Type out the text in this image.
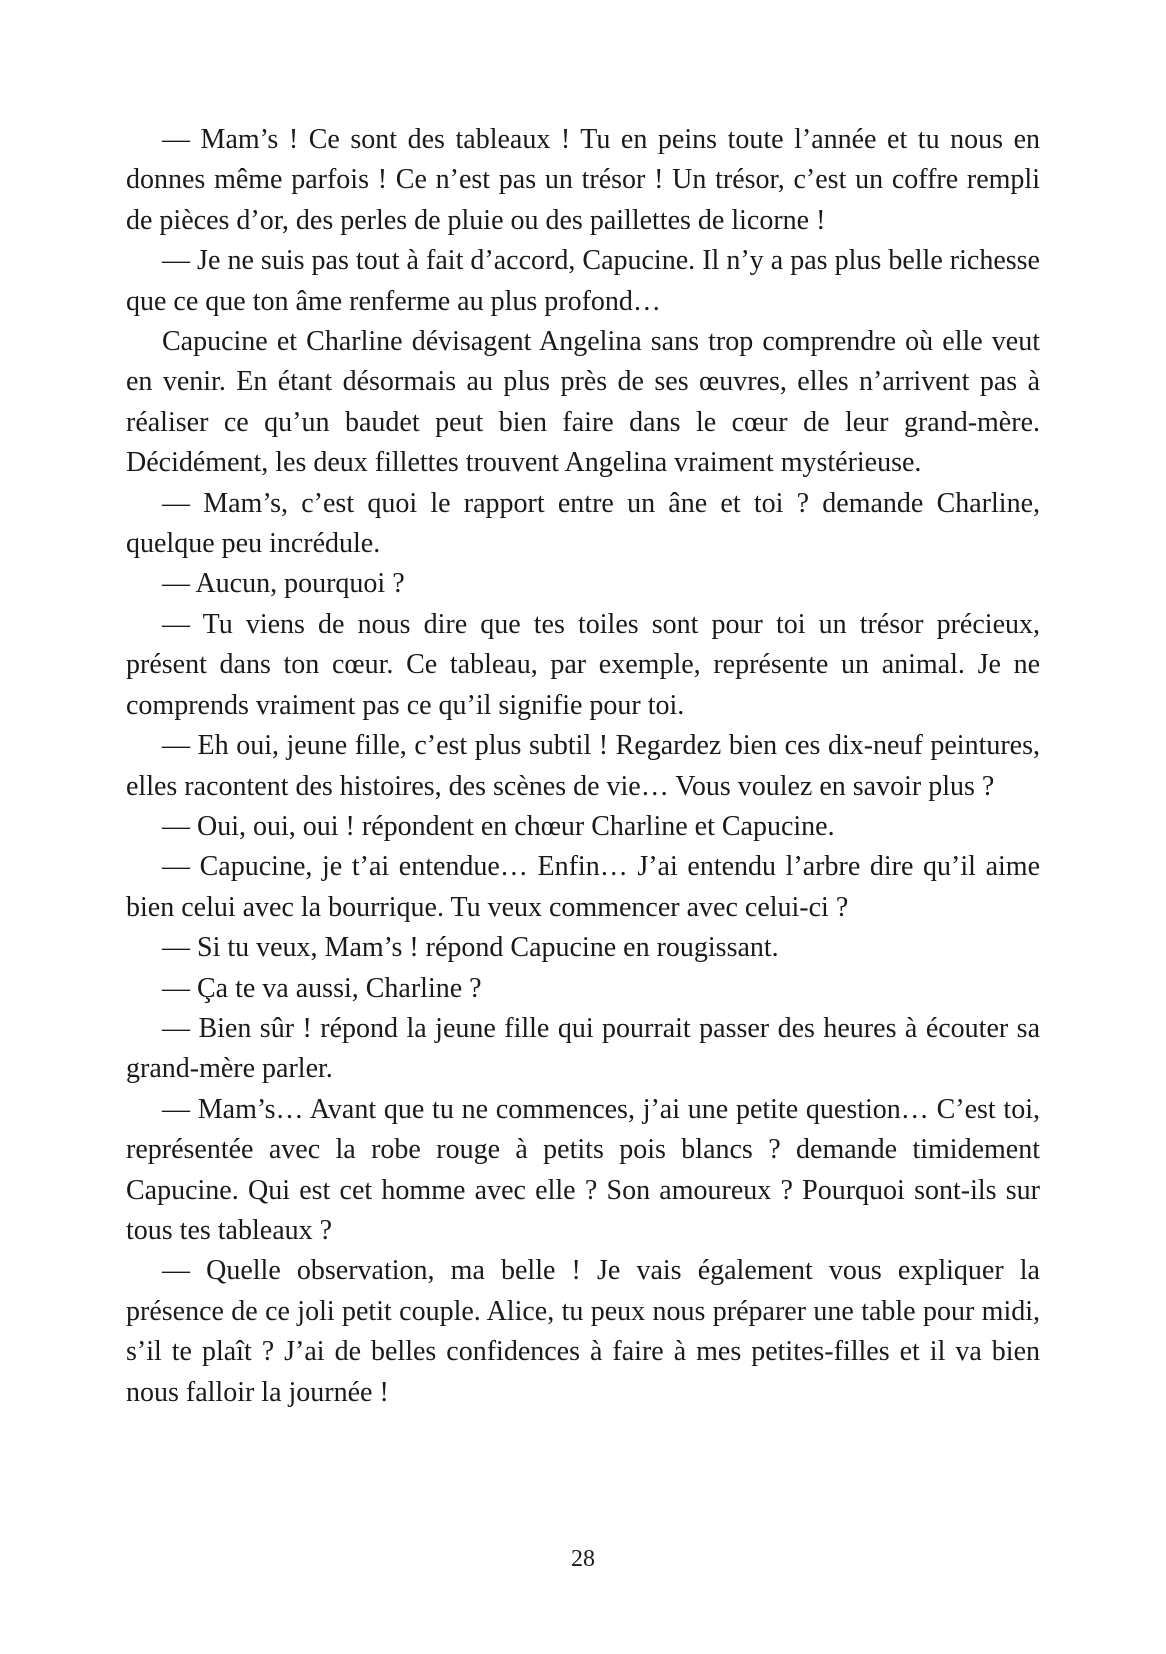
— Mam’s ! Ce sont des tableaux ! Tu en peins toute l’année et tu nous en donnes même parfois ! Ce n’est pas un trésor ! Un trésor, c’est un coffre rempli de pièces d’or, des perles de pluie ou des paillettes de licorne !

— Je ne suis pas tout à fait d’accord, Capucine. Il n’y a pas plus belle richesse que ce que ton âme renferme au plus profond…

Capucine et Charline dévisagent Angelina sans trop comprendre où elle veut en venir. En étant désormais au plus près de ses œuvres, elles n’arrivent pas à réaliser ce qu’un baudet peut bien faire dans le cœur de leur grand-mère. Décidément, les deux fillettes trouvent Angelina vraiment mystérieuse.

— Mam’s, c’est quoi le rapport entre un âne et toi ? demande Charline, quelque peu incrédule.

— Aucun, pourquoi ?

— Tu viens de nous dire que tes toiles sont pour toi un trésor précieux, présent dans ton cœur. Ce tableau, par exemple, représente un animal. Je ne comprends vraiment pas ce qu’il signifie pour toi.

— Eh oui, jeune fille, c’est plus subtil ! Regardez bien ces dix-neuf peintures, elles racontent des histoires, des scènes de vie… Vous voulez en savoir plus ?

— Oui, oui, oui ! répondent en chœur Charline et Capucine.

— Capucine, je t’ai entendue… Enfin… J’ai entendu l’arbre dire qu’il aime bien celui avec la bourrique. Tu veux commencer avec celui-ci ?

— Si tu veux, Mam’s ! répond Capucine en rougissant.

— Ça te va aussi, Charline ?

— Bien sûr ! répond la jeune fille qui pourrait passer des heures à écouter sa grand-mère parler.

— Mam’s… Avant que tu ne commences, j’ai une petite question… C’est toi, représentée avec la robe rouge à petits pois blancs ? demande timidement Capucine. Qui est cet homme avec elle ? Son amoureux ? Pourquoi sont-ils sur tous tes tableaux ?

— Quelle observation, ma belle ! Je vais également vous expliquer la présence de ce joli petit couple. Alice, tu peux nous préparer une table pour midi, s’il te plaît ? J’ai de belles confidences à faire à mes petites-filles et il va bien nous falloir la journée !

28
